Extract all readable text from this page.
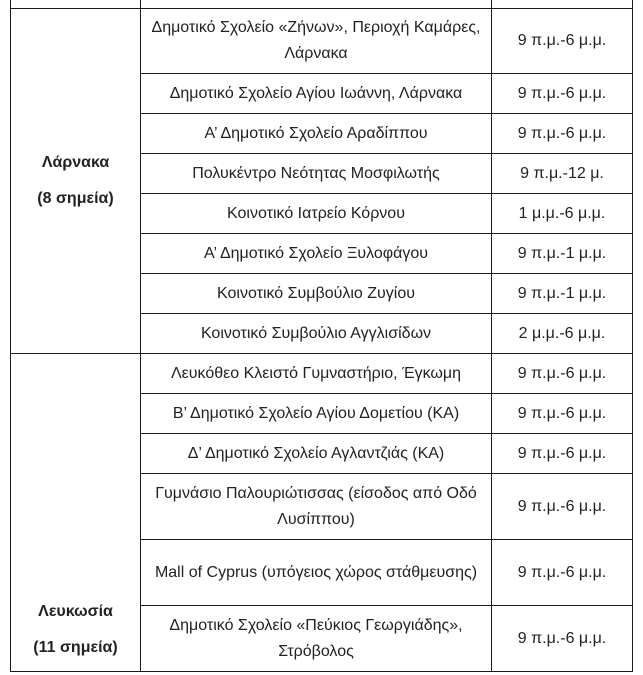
Λάρνακα
(8 σημεία)	Δημοτικό Σχολείο «Ζήνων», Περιοχή Καμάρες, Λάρνακα	9 π.μ.-6 μ.μ.
	Δημοτικό Σχολείο Αγίου Ιωάννη, Λάρνακα	9 π.μ.-6 μ.μ.
	Α’ Δημοτικό Σχολείο Αραδίππου	9 π.μ.-6 μ.μ.
	Πολυκέντρο Νεότητας Μοσφιλωτής	9 π.μ.-12 μ.
	Κοινοτικό Ιατρείο Κόρνου	1 μ.μ.-6 μ.μ.
	Α’ Δημοτικό Σχολείο Ξυλοφάγου	9 π.μ.-1 μ.μ.
	Κοινοτικό Συμβούλιο Ζυγίου	9 π.μ.-1 μ.μ.
	Κοινοτικό Συμβούλιο Αγγλισίδων	2 μ.μ.-6 μ.μ.
Λευκωσία
(11 σημεία)	Λευκόθεο Κλειστό Γυμναστήριο, Έγκωμη	9 π.μ.-6 μ.μ.
	Β’ Δημοτικό Σχολείο Αγίου Δομετίου (ΚΑ)	9 π.μ.-6 μ.μ.
	Δ’ Δημοτικό Σχολείο Αγλαντζιάς (ΚΑ)	9 π.μ.-6 μ.μ.
	Γυμνάσιο Παλουριώτισσας (είσοδος από Οδό Λυσίππου)	9 π.μ.-6 μ.μ.
	Mall of Cyprus (υπόγειος χώρος στάθμευσης)	9 π.μ.-6 μ.μ.
	Δημοτικό Σχολείο «Πεύκιος Γεωργιάδης», Στρόβολος	9 π.μ.-6 μ.μ.
